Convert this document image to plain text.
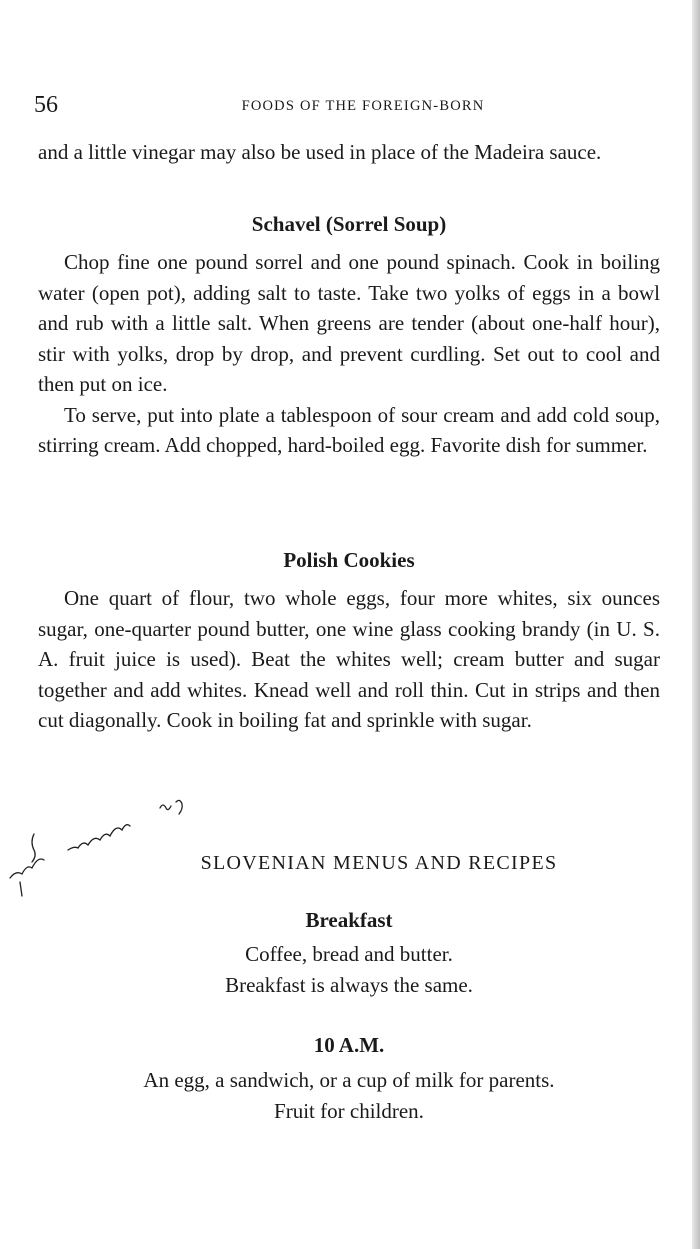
56	FOODS OF THE FOREIGN-BORN

and a little vinegar may also be used in place of the Madeira sauce.

Schavel (Sorrel Soup)

Chop fine one pound sorrel and one pound spinach. Cook in boiling water (open pot), adding salt to taste. Take two yolks of eggs in a bowl and rub with a little salt. When greens are tender (about one-half hour), stir with yolks, drop by drop, and prevent curdling. Set out to cool and then put on ice.

To serve, put into plate a tablespoon of sour cream and add cold soup, stirring cream. Add chopped, hard-boiled egg. Favorite dish for summer.

Polish Cookies

One quart of flour, two whole eggs, four more whites, six ounces sugar, one-quarter pound butter, one wine glass cooking brandy (in U. S. A. fruit juice is used). Beat the whites well; cream butter and sugar together and add whites. Knead well and roll thin. Cut in strips and then cut diagonally. Cook in boiling fat and sprinkle with sugar.

SLOVENIAN MENUS AND RECIPES
Breakfast
Coffee, bread and butter.
Breakfast is always the same.
10 A.M.
An egg, a sandwich, or a cup of milk for parents.
Fruit for children.
